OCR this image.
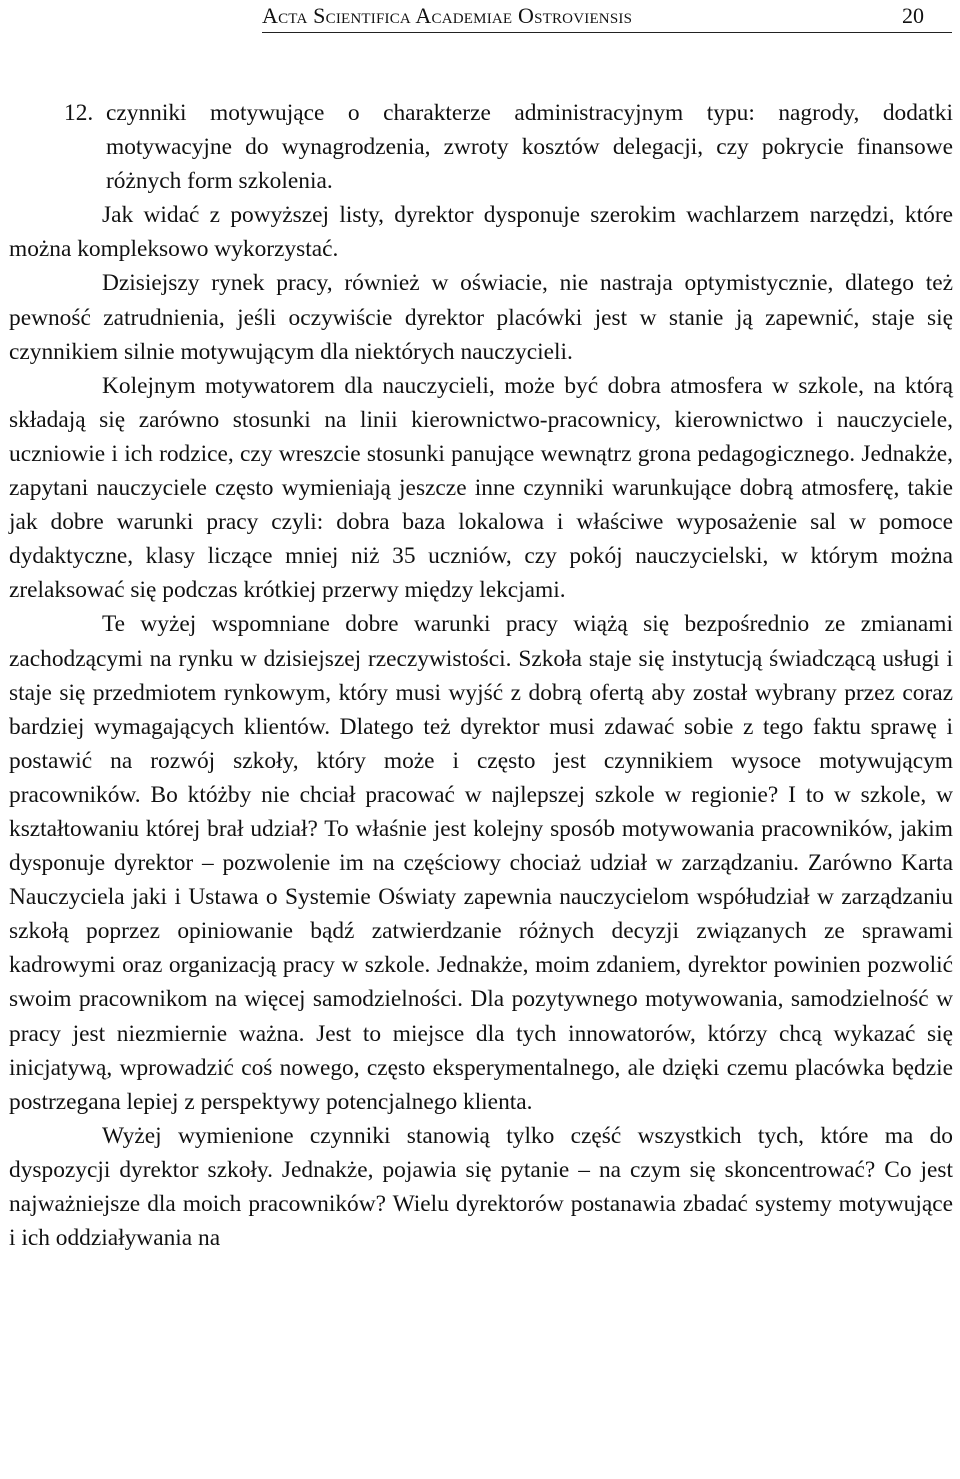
Acta Scientifica Academiae Ostroviensis	20

12. czynniki motywujące o charakterze administracyjnym typu: nagrody, dodatki motywacyjne do wynagrodzenia, zwroty kosztów delegacji, czy pokrycie finansowe różnych form szkolenia.

Jak widać z powyższej listy, dyrektor dysponuje szerokim wachlarzem narzędzi, które można kompleksowo wykorzystać.

Dzisiejszy rynek pracy, również w oświacie, nie nastraja optymistycznie, dlatego też pewność zatrudnienia, jeśli oczywiście dyrektor placówki jest w stanie ją zapewnić, staje się czynnikiem silnie motywującym dla niektórych nauczycieli.

Kolejnym motywatorem dla nauczycieli, może być dobra atmosfera w szkole, na którą składają się zarówno stosunki na linii kierownictwo-pracownicy, kierownictwo i nauczyciele, uczniowie i ich rodzice, czy wreszcie stosunki panujące wewnątrz grona pedagogicznego. Jednakże, zapytani nauczyciele często wymieniają jeszcze inne czynniki warunkujące dobrą atmosferę, takie jak dobre warunki pracy czyli: dobra baza lokalowa i właściwe wyposażenie sal w pomoce dydaktyczne, klasy liczące mniej niż 35 uczniów, czy pokój nauczycielski, w którym można zrelaksować się podczas krótkiej przerwy między lekcjami.

Te wyżej wspomniane dobre warunki pracy wiążą się bezpośrednio ze zmianami zachodzącymi na rynku w dzisiejszej rzeczywistości. Szkoła staje się instytucją świadczącą usługi i staje się przedmiotem rynkowym, który musi wyjść z dobrą ofertą aby został wybrany przez coraz bardziej wymagających klientów. Dlatego też dyrektor musi zdawać sobie z tego faktu sprawę i postawić na rozwój szkoły, który może i często jest czynnikiem wysoce motywującym pracowników. Bo któżby nie chciał pracować w najlepszej szkole w regionie? I to w szkole, w kształtowaniu której brał udział? To właśnie jest kolejny sposób motywowania pracowników, jakim dysponuje dyrektor – pozwolenie im na częściowy chociaż udział w zarządzaniu. Zarówno Karta Nauczyciela jaki i Ustawa o Systemie Oświaty zapewnia nauczycielom współudział w zarządzaniu szkołą poprzez opiniowanie bądź zatwierdzanie różnych decyzji związanych ze sprawami kadrowymi oraz organizacją pracy w szkole. Jednakże, moim zdaniem, dyrektor powinien pozwolić swoim pracownikom na więcej samodzielności. Dla pozytywnego motywowania, samodzielność w pracy jest niezmiernie ważna. Jest to miejsce dla tych innowatorów, którzy chcą wykazać się inicjatywą, wprowadzić coś nowego, często eksperymentalnego, ale dzięki czemu placówka będzie postrzegana lepiej z perspektywy potencjalnego klienta.

Wyżej wymienione czynniki stanowią tylko część wszystkich tych, które ma do dyspozycji dyrektor szkoły. Jednakże, pojawia się pytanie – na czym się skoncentrować? Co jest najważniejsze dla moich pracowników? Wielu dyrektorów postanawia zbadać systemy motywujące i ich oddziaływania na
